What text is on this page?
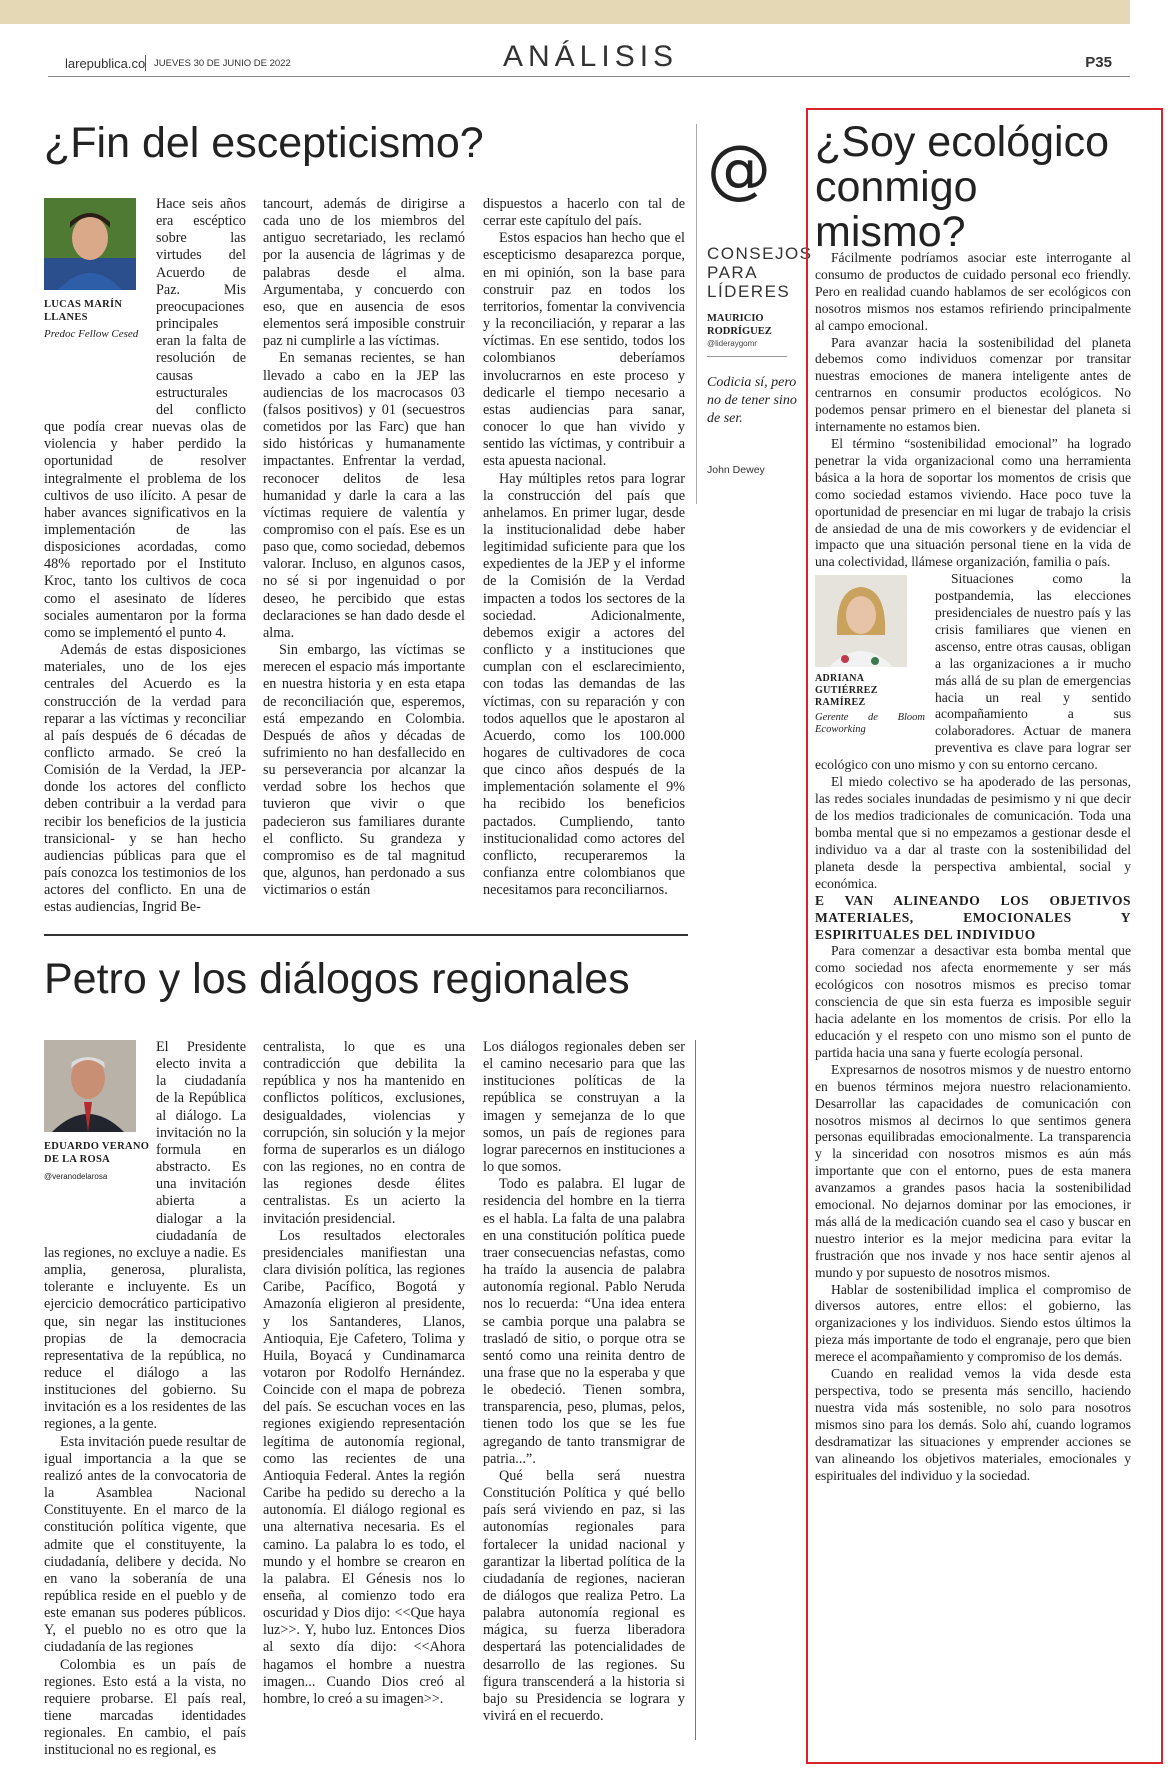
larepublica.co JUEVES 30 DE JUNIO DE 2022	ANÁLISIS	P35
¿Fin del escepticismo?
LUCAS MARÍN LLANES
Predoc Fellow Cesed

Hace seis años era escéptico sobre las virtudes del Acuerdo de Paz. Mis preocupaciones principales eran la falta de resolución de causas estructurales del conflicto que podía crear nuevas olas de violencia y haber perdido la oportunidad de resolver integralmente el problema de los cultivos de uso ilícito. A pesar de haber avances significativos en la implementación de las disposiciones acordadas, como 48% reportado por el Instituto Kroc, tanto los cultivos de coca como el asesinato de líderes sociales aumentaron por la forma como se implementó el punto 4.

Además de estas disposiciones materiales, uno de los ejes centrales del Acuerdo es la construcción de la verdad para reparar a las víctimas y reconciliar al país después de 6 décadas de conflicto armado. Se creó la Comisión de la Verdad, la JEP- donde los actores del conflicto deben contribuir a la verdad para recibir los beneficios de la justicia transicional- y se han hecho audiencias públicas para que el país conozca los testimonios de los actores del conflicto. En una de estas audiencias, Ingrid Be-

tancourt, además de dirigirse a cada uno de los miembros del antiguo secretariado, les reclamó por la ausencia de lágrimas y de palabras desde el alma. Argumentaba, y concuerdo con eso, que en ausencia de esos elementos será imposible construir paz ni cumplirle a las víctimas.

En semanas recientes, se han llevado a cabo en la JEP las audiencias de los macrocasos 03 (falsos positivos) y 01 (secuestros cometidos por las Farc) que han sido históricas y humanamente impactantes. Enfrentar la verdad, reconocer delitos de lesa humanidad y darle la cara a las víctimas requiere de valentía y compromiso con el país. Ese es un paso que, como sociedad, debemos valorar. Incluso, en algunos casos, no sé si por ingenuidad o por deseo, he percibido que estas declaraciones se han dado desde el alma.

Sin embargo, las víctimas se merecen el espacio más importante en nuestra historia y en esta etapa de reconciliación que, esperemos, está empezando en Colombia. Después de años y décadas de sufrimiento no han desfallecido en su perseverancia por alcanzar la verdad sobre los hechos que tuvieron que vivir o que padecieron sus familiares durante el conflicto. Su grandeza y compromiso es de tal magnitud que, algunos, han perdonado a sus victimarios o están

dispuestos a hacerlo con tal de cerrar este capítulo del país.

Estos espacios han hecho que el escepticismo desaparezca porque, en mi opinión, son la base para construir paz en todos los territorios, fomentar la convivencia y la reconciliación, y reparar a las víctimas. En ese sentido, todos los colombianos deberíamos involucrarnos en este proceso y dedicarle el tiempo necesario a estas audiencias para sanar, conocer lo que han vivido y sentido las víctimas, y contribuir a esta apuesta nacional.

Hay múltiples retos para lograr la construcción del país que anhelamos. En primer lugar, desde la institucionalidad debe haber legitimidad suficiente para que los expedientes de la JEP y el informe de la Comisión de la Verdad impacten a todos los sectores de la sociedad. Adicionalmente, debemos exigir a actores del conflicto y a instituciones que cumplan con el esclarecimiento, con todas las demandas de las víctimas, con su reparación y con todos aquellos que le apostaron al Acuerdo, como los 100.000 hogares de cultivadores de coca que cinco años después de la implementación solamente el 9% ha recibido los beneficios pactados. Cumpliendo, tanto institucionalidad como actores del conflicto, recuperaremos la confianza entre colombianos que necesitamos para reconciliarnos.

@
CONSEJOS PARA LÍDERES
MAURICIO RODRÍGUEZ
@lideraygomr
Codicia sí, pero no de tener sino de ser.
John Dewey
Petro y los diálogos regionales
EDUARDO VERANO DE LA ROSA
@veranodelarosa

El Presidente electo invita a la ciudadanía de la República al diálogo. La invitación no la formula en abstracto. Es una invitación abierta a dialogar a la ciudadanía de las regiones, no excluye a nadie. Es amplia, generosa, pluralista, tolerante e incluyente. Es un ejercicio democrático participativo que, sin negar las instituciones propias de la democracia representativa de la república, no reduce el diálogo a las instituciones del gobierno. Su invitación es a los residentes de las regiones, a la gente.

Esta invitación puede resultar de igual importancia a la que se realizó antes de la convocatoria de la Asamblea Nacional Constituyente. En el marco de la constitución política vigente, que admite que el constituyente, la ciudadanía, delibere y decida. No en vano la soberanía de una república reside en el pueblo y de este emanan sus poderes públicos. Y, el pueblo no es otro que la ciudadanía de las regiones

Colombia es un país de regiones. Esto está a la vista, no requiere probarse. El país real, tiene marcadas identidades regionales. En cambio, el país institucional no es regional, es

centralista, lo que es una contradicción que debilita la república y nos ha mantenido en conflictos políticos, exclusiones, desigualdades, violencias y corrupción, sin solución y la mejor forma de superarlos es un diálogo con las regiones, no en contra de las regiones desde élites centralistas. Es un acierto la invitación presidencial.

Los resultados electorales presidenciales manifiestan una clara división política, las regiones Caribe, Pacífico, Bogotá y Amazonía eligieron al presidente, y los Santanderes, Llanos, Antioquia, Eje Cafetero, Tolima y Huila, Boyacá y Cundinamarca votaron por Rodolfo Hernández. Coincide con el mapa de pobreza del país. Se escuchan voces en las regiones exigiendo representación legítima de autonomía regional, como las recientes de una Antioquia Federal. Antes la región Caribe ha pedido su derecho a la autonomía. El diálogo regional es una alternativa necesaria. Es el camino. La palabra lo es todo, el mundo y el hombre se crearon en la palabra. El Génesis nos lo enseña, al comienzo todo era oscuridad y Dios dijo: <<Que haya luz>>. Y, hubo luz. Entonces Dios al sexto día dijo: <<Ahora hagamos el hombre a nuestra imagen... Cuando Dios creó al hombre, lo creó a su imagen>>.

Los diálogos regionales deben ser el camino necesario para que las instituciones políticas de la república se construyan a la imagen y semejanza de lo que somos, un país de regiones para lograr parecernos en instituciones a lo que somos.

Todo es palabra. El lugar de residencia del hombre en la tierra es el habla. La falta de una palabra en una constitución política puede traer consecuencias nefastas, como ha traído la ausencia de palabra autonomía regional. Pablo Neruda nos lo recuerda: “Una idea entera se cambia porque una palabra se trasladó de sitio, o porque otra se sentó como una reinita dentro de una frase que no la esperaba y que le obedeció. Tienen sombra, transparencia, peso, plumas, pelos, tienen todo los que se les fue agregando de tanto transmigrar de patria...”.

Qué bella será nuestra Constitución Política y qué bello país será viviendo en paz, si las autonomías regionales para fortalecer la unidad nacional y garantizar la libertad política de la ciudadanía de regiones, nacieran de diálogos que realiza Petro. La palabra autonomía regional es mágica, su fuerza liberadora despertará las potencialidades de desarrollo de las regiones. Su figura transcenderá a la historia si bajo su Presidencia se lograra y vivirá en el recuerdo.

¿Soy ecológico conmigo mismo?

Fácilmente podríamos asociar este interrogante al consumo de productos de cuidado personal eco friendly. Pero en realidad cuando hablamos de ser ecológicos con nosotros mismos nos estamos refiriendo principalmente al campo emocional.

Para avanzar hacia la sostenibilidad del planeta debemos como individuos comenzar por transitar nuestras emociones de manera inteligente antes de centrarnos en consumir productos ecológicos. No podemos pensar primero en el bienestar del planeta si internamente no estamos bien.

El término “sostenibilidad emocional” ha logrado penetrar la vida organizacional como una herramienta básica a la hora de soportar los momentos de crisis que como sociedad estamos viviendo. Hace poco tuve la oportunidad de presenciar en mi lugar de trabajo la crisis de ansiedad de una de mis coworkers y de evidenciar el impacto que una situación personal tiene en la vida de una colectividad, llámese organización, familia o país.

ADRIANA GUTIÉRREZ RAMÍREZ
Gerente de Bloom Ecoworking

Situaciones como la postpandemia, las elecciones presidenciales de nuestro país y las crisis familiares que vienen en ascenso, entre otras causas, obligan a las organizaciones a ir mucho más allá de su plan de emergencias hacia un real y sentido acompañamiento a sus colaboradores. Actuar de manera preventiva es clave para lograr ser ecológico con uno mismo y con su entorno cercano.

El miedo colectivo se ha apoderado de las personas, las redes sociales inundadas de pesimismo y ni que decir de los medios tradicionales de comunicación. Toda una bomba mental que si no empezamos a gestionar desde el individuo va a dar al traste con la sostenibilidad del planeta desde la perspectiva ambiental, social y económica.

E VAN ALINEANDO LOS OBJETIVOS MATERIALES, EMOCIONALES Y ESPIRITUALES DEL INDIVIDUO

Para comenzar a desactivar esta bomba mental que como sociedad nos afecta enormemente y ser más ecológicos con nosotros mismos es preciso tomar consciencia de que sin esta fuerza es imposible seguir hacia adelante en los momentos de crisis. Por ello la educación y el respeto con uno mismo son el punto de partida hacia una sana y fuerte ecología personal.

Expresarnos de nosotros mismos y de nuestro entorno en buenos términos mejora nuestro relacionamiento. Desarrollar las capacidades de comunicación con nosotros mismos al decirnos lo que sentimos genera personas equilibradas emocionalmente. La transparencia y la sinceridad con nosotros mismos es aún más importante que con el entorno, pues de esta manera avanzamos a grandes pasos hacia la sostenibilidad emocional. No dejarnos dominar por las emociones, ir más allá de la medicación cuando sea el caso y buscar en nuestro interior es la mejor medicina para evitar la frustración que nos invade y nos hace sentir ajenos al mundo y por supuesto de nosotros mismos.

Hablar de sostenibilidad implica el compromiso de diversos autores, entre ellos: el gobierno, las organizaciones y los individuos. Siendo estos últimos la pieza más importante de todo el engranaje, pero que bien merece el acompañamiento y compromiso de los demás.

Cuando en realidad vemos la vida desde esta perspectiva, todo se presenta más sencillo, haciendo nuestra vida más sostenible, no solo para nosotros mismos sino para los demás. Solo ahí, cuando logramos desdramatizar las situaciones y emprender acciones se van alineando los objetivos materiales, emocionales y espirituales del individuo y la sociedad.
